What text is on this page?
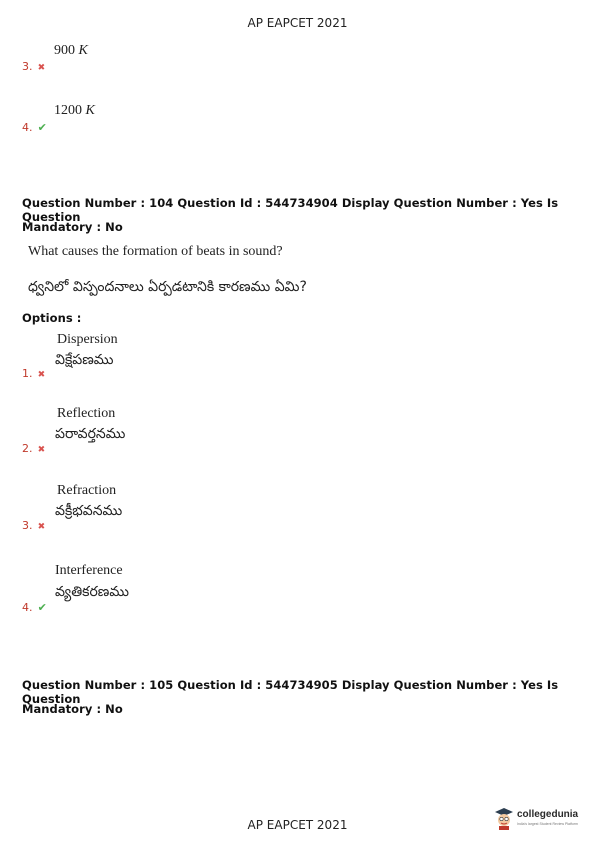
AP EAPCET 2021
3. ✖
900 K
4. ✔
1200 K
Question Number : 104 Question Id : 544734904 Display Question Number : Yes Is Question
Mandatory : No
What causes the formation of beats in sound?
ధ్వనిలో విస్పందనాలు ఏర్పడటానికి కారణము ఏమి?
Options :
Dispersion
విక్షేపణము
1. ✖
Reflection
పరావర్తనము
2. ✖
Refraction
వక్రీభవనము
3. ✖
Interference
వ్యతికరణము
4. ✔
Question Number : 105 Question Id : 544734905 Display Question Number : Yes Is Question
Mandatory : No
AP EAPCET 2021
collegedunia
India's largest Student Review Platform
